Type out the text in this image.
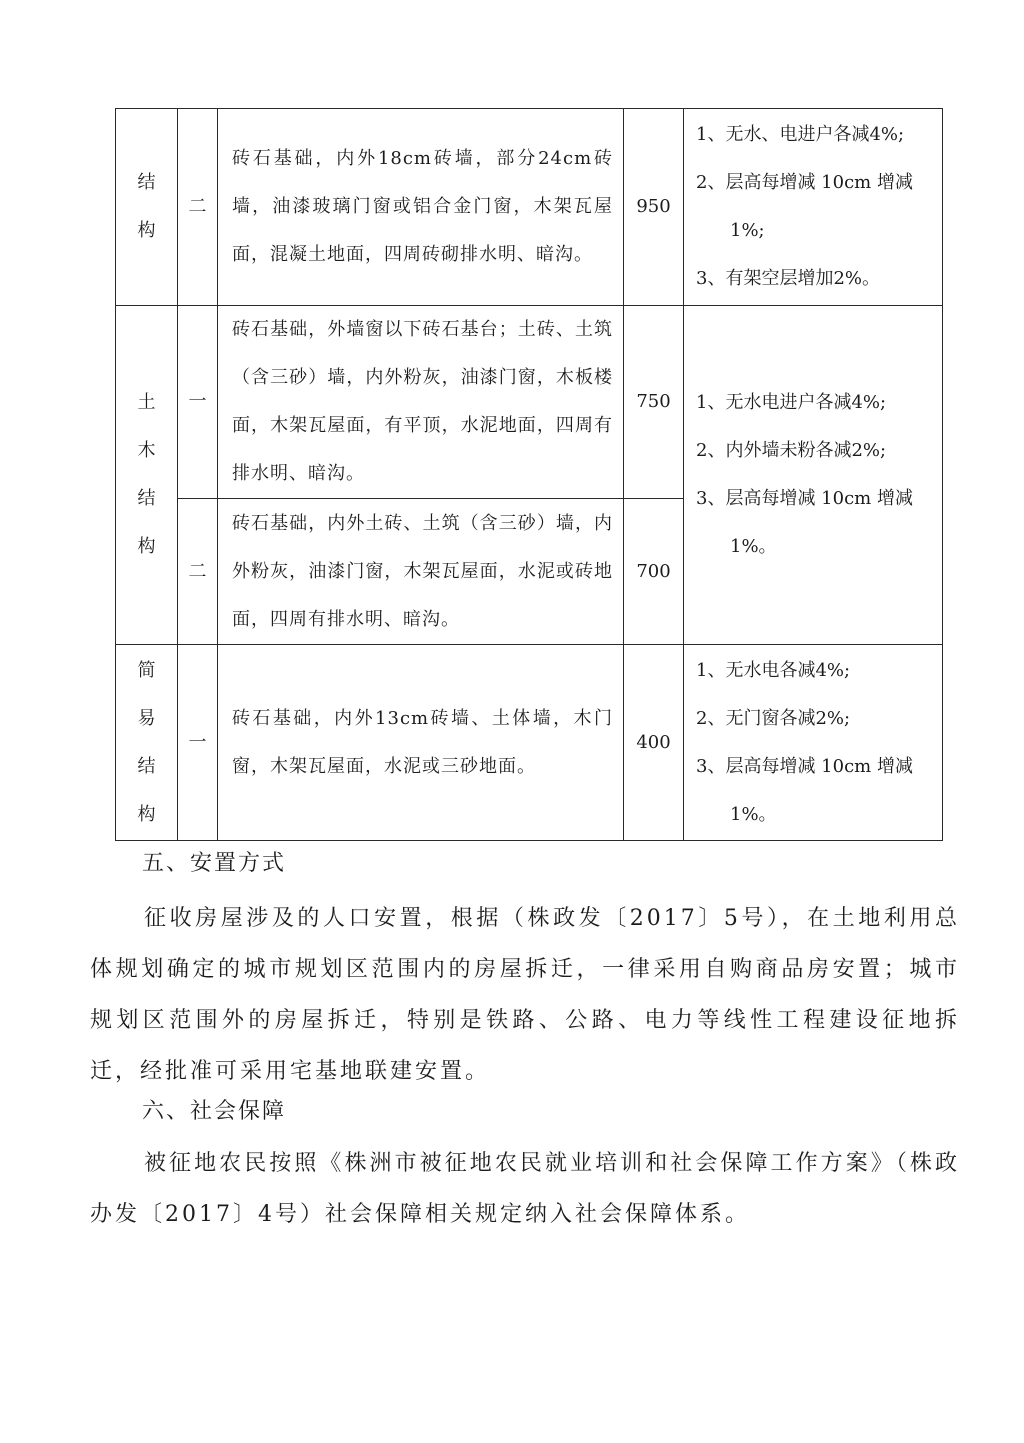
结构	二	砖石基础，内外18cm砖墙，部分24cm砖墙，油漆玻璃门窗或铝合金门窗，木架瓦屋面，混凝土地面，四周砖砌排水明、暗沟。	950	1、无水、电进户各减4%;
2、层高每增减 10cm 增减
1%;
3、有架空层增加2%。

土木结构	一	砖石基础，外墙窗以下砖石基台；土砖、土筑（含三砂）墙，内外粉灰，油漆门窗，木板楼面，木架瓦屋面，有平顶，水泥地面，四周有排水明、暗沟。	750	1、无水电进户各减4%;
2、内外墙未粉各减2%;
3、层高每增减 10cm 增减
1%。

	二	砖石基础，内外土砖、土筑（含三砂）墙，内外粉灰，油漆门窗，木架瓦屋面，水泥或砖地面，四周有排水明、暗沟。	700	
简易结构	一	砖石基础，内外13cm砖墙、土体墙，木门窗，木架瓦屋面，水泥或三砂地面。	400	1、无水电各减4%;
2、无门窗各减2%;
3、层高每增减 10cm 增减
1%。
五、安置方式

征收房屋涉及的人口安置，根据（株政发〔2017〕5号），在土地利用总体规划确定的城市规划区范围内的房屋拆迁，一律采用自购商品房安置；城市规划区范围外的房屋拆迁，特别是铁路、公路、电力等线性工程建设征地拆迁，经批准可采用宅基地联建安置。

六、社会保障

被征地农民按照《株洲市被征地农民就业培训和社会保障工作方案》（株政办发〔2017〕4号）社会保障相关规定纳入社会保障体系。
